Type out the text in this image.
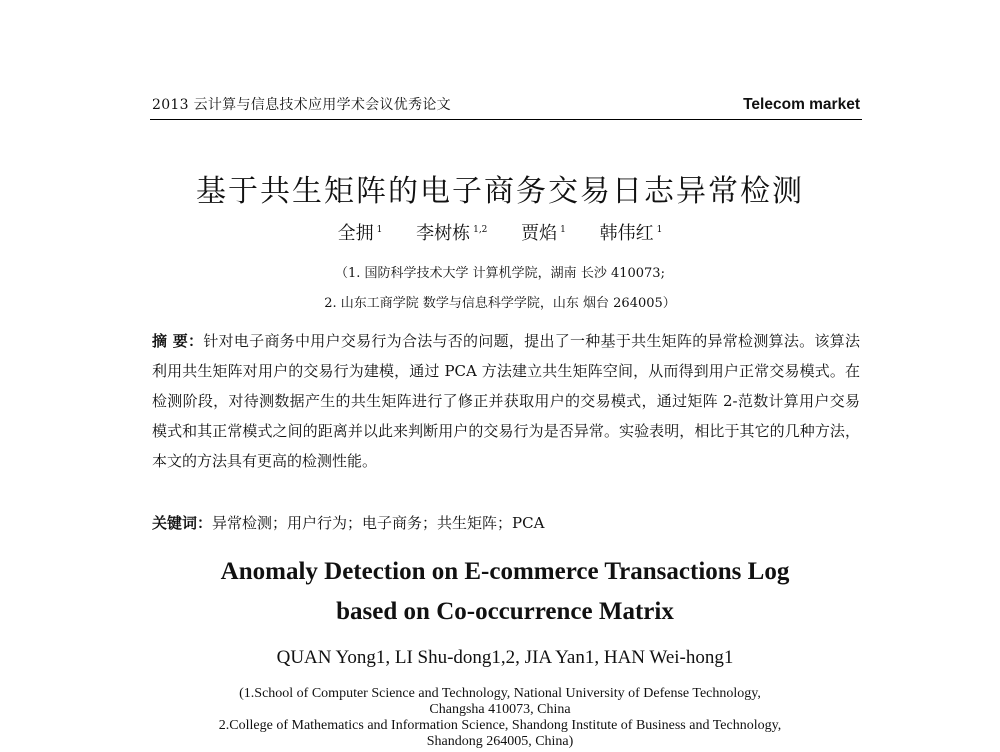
2013 云计算与信息技术应用学术会议优秀论文	Telecom market
基于共生矩阵的电子商务交易日志异常检测
全拥 $^1$ 李树栋 $^{1,2}$ 贾焰 $^1$ 韩伟红 $^1$
（1. 国防科学技术大学 计算机学院，湖南 长沙 410073;
2. 山东工商学院 数学与信息科学学院，山东 烟台 264005）
摘 要：针对电子商务中用户交易行为合法与否的问题，提出了一种基于共生矩阵的异常检测算法。该算法利用共生矩阵对用户的交易行为建模，通过 PCA 方法建立共生矩阵空间，从而得到用户正常交易模式。在检测阶段，对待测数据产生的共生矩阵进行了修正并获取用户的交易模式，通过矩阵 2-范数计算用户交易模式和其正常模式之间的距离并以此来判断用户的交易行为是否异常。实验表明，相比于其它的几种方法，本文的方法具有更高的检测性能。
关键词：异常检测；用户行为；电子商务；共生矩阵；PCA
Anomaly Detection on E-commerce Transactions Log
based on Co-occurrence Matrix
QUAN Yong1, LI Shu-dong1,2, JIA Yan1, HAN Wei-hong1
(1.School of Computer Science and Technology, National University of Defense Technology,
Changsha 410073, China
2.College of Mathematics and Information Science, Shandong Institute of Business and Technology,
Shandong 264005, China)
